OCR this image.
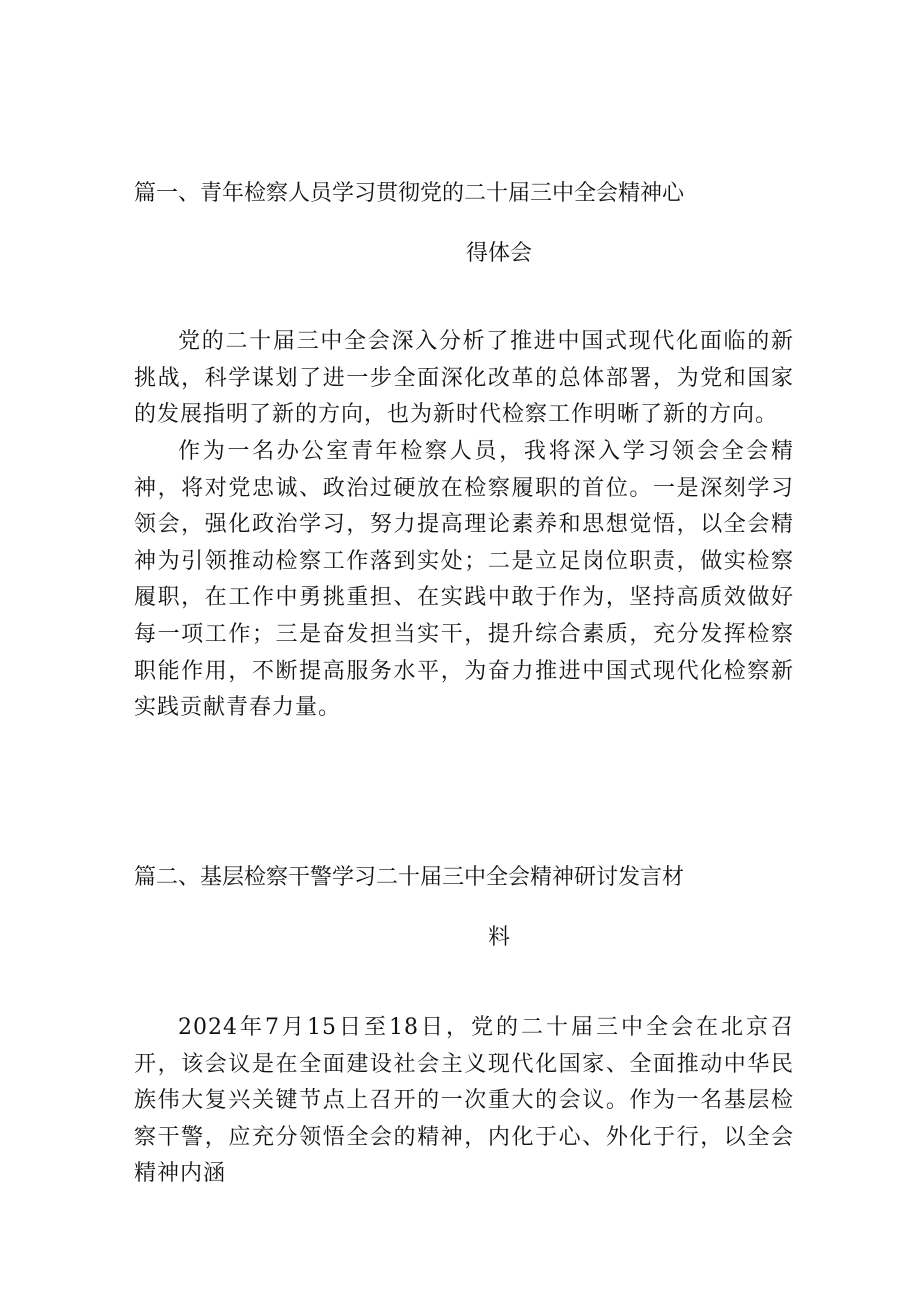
篇一、青年检察人员学习贯彻党的二十届三中全会精神心
得体会

党的二十届三中全会深入分析了推进中国式现代化面临的新挑战，科学谋划了进一步全面深化改革的总体部署，为党和国家的发展指明了新的方向，也为新时代检察工作明晰了新的方向。

作为一名办公室青年检察人员，我将深入学习领会全会精神，将对党忠诚、政治过硬放在检察履职的首位。一是深刻学习领会，强化政治学习，努力提高理论素养和思想觉悟，以全会精神为引领推动检察工作落到实处；二是立足岗位职责，做实检察履职，在工作中勇挑重担、在实践中敢于作为，坚持高质效做好每一项工作；三是奋发担当实干，提升综合素质，充分发挥检察职能作用，不断提高服务水平，为奋力推进中国式现代化检察新实践贡献青春力量。

篇二、基层检察干警学习二十届三中全会精神研讨发言材
料

2024年7月15日至18日，党的二十届三中全会在北京召开，该会议是在全面建设社会主义现代化国家、全面推动中华民族伟大复兴关键节点上召开的一次重大的会议。作为一名基层检察干警，应充分领悟全会的精神，内化于心、外化于行，以全会精神内涵
